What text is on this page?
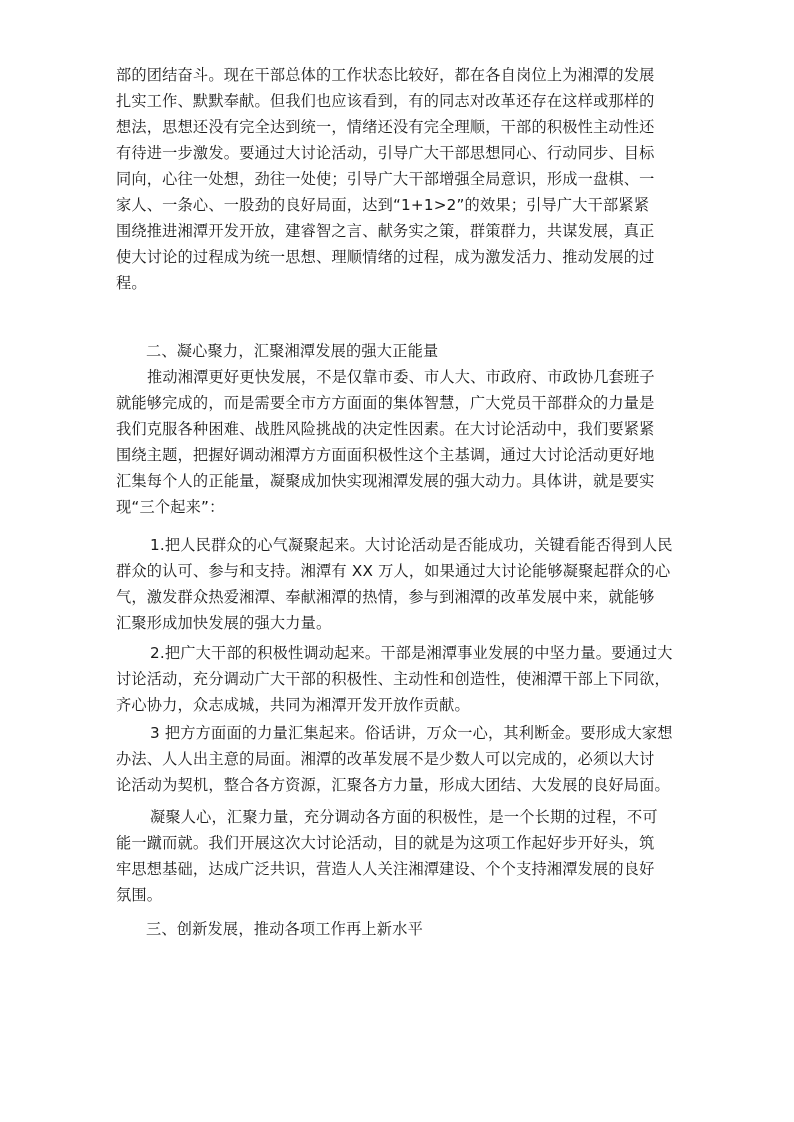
部的团结奋斗。现在干部总体的工作状态比较好，都在各自岗位上为湘潭的发展
扎实工作、默默奉献。但我们也应该看到，有的同志对改革还存在这样或那样的
想法，思想还没有完全达到统一，情绪还没有完全理顺，干部的积极性主动性还
有待进一步激发。要通过大讨论活动，引导广大干部思想同心、行动同步、目标
同向，心往一处想，劲往一处使；引导广大干部增强全局意识，形成一盘棋、一
家人、一条心、一股劲的良好局面，达到“1+1>2”的效果；引导广大干部紧紧
围绕推进湘潭开发开放，建睿智之言、献务实之策，群策群力，共谋发展，真正
使大讨论的过程成为统一思想、理顺情绪的过程，成为激发活力、推动发展的过
程。
二、凝心聚力，汇聚湘潭发展的强大正能量
推动湘潭更好更快发展，不是仅靠市委、市人大、市政府、市政协几套班子
就能够完成的，而是需要全市方方面面的集体智慧，广大党员干部群众的力量是
我们克服各种困难、战胜风险挑战的决定性因素。在大讨论活动中，我们要紧紧
围绕主题，把握好调动湘潭方方面面积极性这个主基调，通过大讨论活动更好地
汇集每个人的正能量，凝聚成加快实现湘潭发展的强大动力。具体讲，就是要实
现“三个起来”：
1.把人民群众的心气凝聚起来。大讨论活动是否能成功，关键看能否得到人民
群众的认可、参与和支持。湘潭有 XX 万人，如果通过大讨论能够凝聚起群众的心
气，激发群众热爱湘潭、奉献湘潭的热情，参与到湘潭的改革发展中来，就能够
汇聚形成加快发展的强大力量。
2.把广大干部的积极性调动起来。干部是湘潭事业发展的中坚力量。要通过大
讨论活动，充分调动广大干部的积极性、主动性和创造性，使湘潭干部上下同欲，
齐心协力，众志成城，共同为湘潭开发开放作贡献。
3 把方方面面的力量汇集起来。俗话讲，万众一心，其利断金。要形成大家想
办法、人人出主意的局面。湘潭的改革发展不是少数人可以完成的，必须以大讨
论活动为契机，整合各方资源，汇聚各方力量，形成大团结、大发展的良好局面。
凝聚人心，汇聚力量，充分调动各方面的积极性，是一个长期的过程，不可
能一蹴而就。我们开展这次大讨论活动，目的就是为这项工作起好步开好头，筑
牢思想基础，达成广泛共识，营造人人关注湘潭建设、个个支持湘潭发展的良好
氛围。
三、创新发展，推动各项工作再上新水平
